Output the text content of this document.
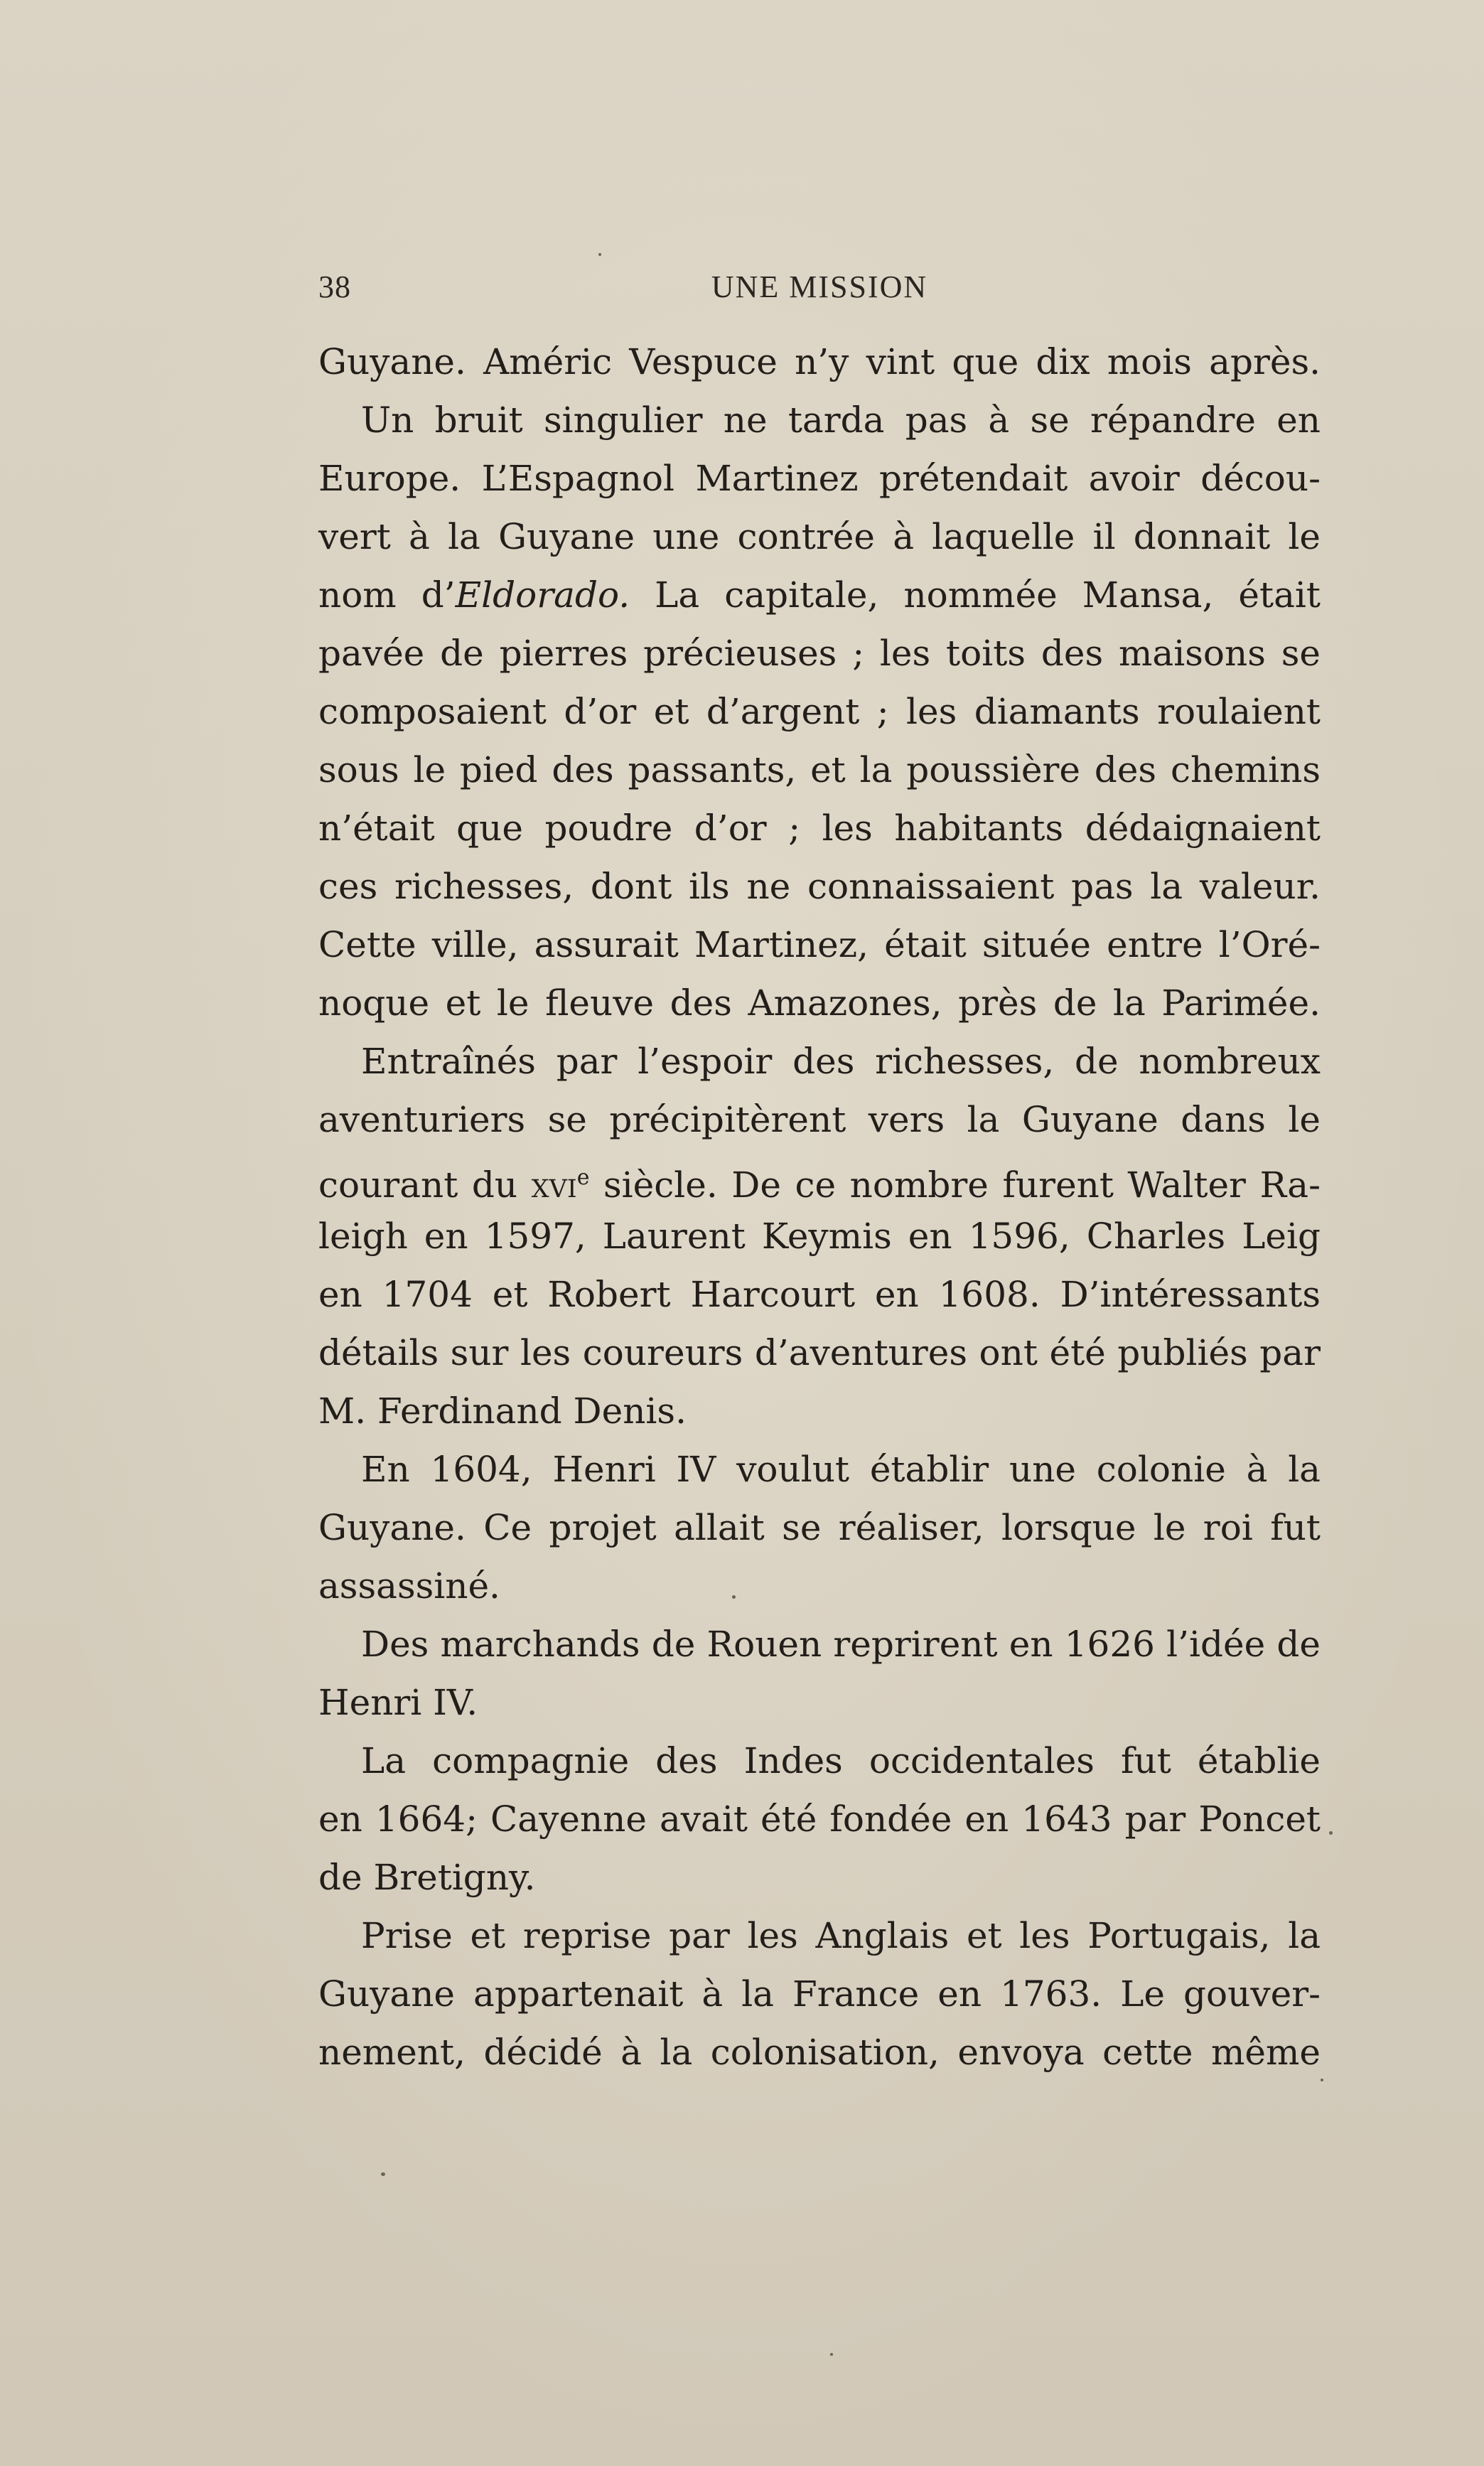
38	UNE MISSION
Guyane. Améric Vespuce n’y vint que dix mois après.
Un bruit singulier ne tarda pas à se répandre en
Europe. L’Espagnol Martinez prétendait avoir décou-
vert à la Guyane une contrée à laquelle il donnait le
nom d’Eldorado. La capitale, nommée Mansa, était
pavée de pierres précieuses ; les toits des maisons se
composaient d’or et d’argent ; les diamants roulaient
sous le pied des passants, et la poussière des chemins
n’était que poudre d’or ; les habitants dédaignaient
ces richesses, dont ils ne connaissaient pas la valeur.
Cette ville, assurait Martinez, était située entre l’Oré-
noque et le fleuve des Amazones, près de la Parimée.
Entraînés par l’espoir des richesses, de nombreux
aventuriers se précipitèrent vers la Guyane dans le
courant du xvi$^e$ siècle. De ce nombre furent Walter Ra-
leigh en 1597, Laurent Keymis en 1596, Charles Leig
en 1704 et Robert Harcourt en 1608. D’intéressants
détails sur les coureurs d’aventures ont été publiés par
M. Ferdinand Denis.
En 1604, Henri IV voulut établir une colonie à la
Guyane. Ce projet allait se réaliser, lorsque le roi fut
assassiné.
Des marchands de Rouen reprirent en 1626 l’idée de
Henri IV.
La compagnie des Indes occidentales fut établie
en 1664; Cayenne avait été fondée en 1643 par Poncet
de Bretigny.
Prise et reprise par les Anglais et les Portugais, la
Guyane appartenait à la France en 1763. Le gouver-
nement, décidé à la colonisation, envoya cette même
